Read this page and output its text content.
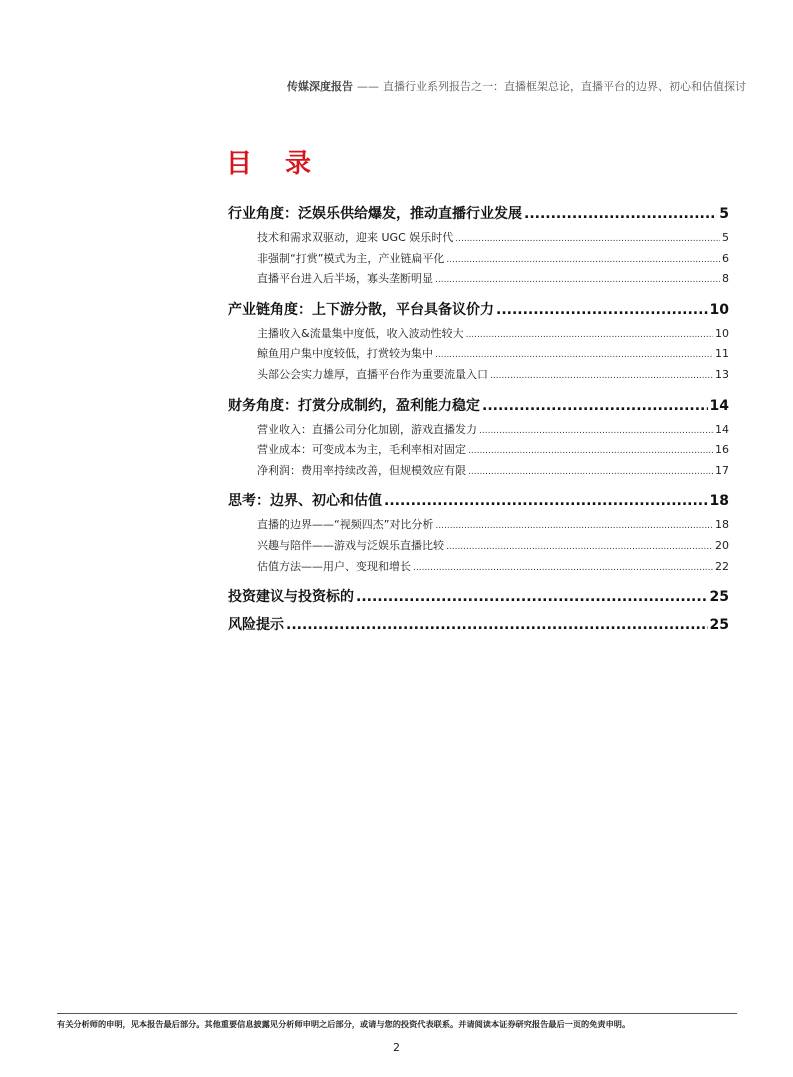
传媒深度报告 —— 直播行业系列报告之一：直播框架总论，直播平台的边界、初心和估值探讨
目 录
行业角度：泛娱乐供给爆发，推动直播行业发展 .....	5
技术和需求双驱动，迎来 UGC 娱乐时代 .....	5
非强制“打赏”模式为主，产业链扁平化 .....	6
直播平台进入后半场，寡头垄断明显 .....	8
产业链角度：上下游分散，平台具备议价力 .....	10
主播收入&流量集中度低，收入波动性较大 .....	10
鲸鱼用户集中度较低，打赏较为集中 .....	11
头部公会实力雄厚，直播平台作为重要流量入口 .....	13
财务角度：打赏分成制约，盈利能力稳定 .....	14
营业收入：直播公司分化加剧，游戏直播发力 .....	14
营业成本：可变成本为主，毛利率相对固定 .....	16
净利润：费用率持续改善，但规模效应有限 .....	17
思考：边界、初心和估值 .....	18
直播的边界——“视频四杰”对比分析 .....	18
兴趣与陪伴——游戏与泛娱乐直播比较 .....	20
估值方法——用户、变现和增长 .....	22
投资建议与投资标的 .....	25
风险提示 .....	25
有关分析师的申明，见本报告最后部分。其他重要信息披露见分析师申明之后部分，或请与您的投资代表联系。并请阅读本证券研究报告最后一页的免责申明。
2
